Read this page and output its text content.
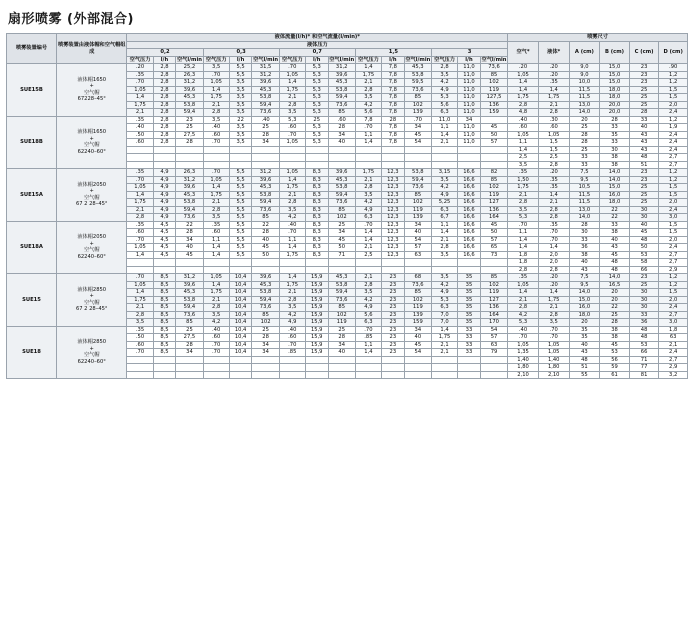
扇形喷雾 (外部混合)
喷雾装置编号	喷雾装置由液体帽和空气帽组成	液体流量(l/h)* 和空气流量(l/min)*															喷雾尺寸					
		液体压力															空气*	液体*	A (cm)	B (cm)	C (cm)	D (cm)
		0,2			0,3			0,7			1,5			3								
		空气压力	l/h	空气l/min	空气压力	l/h	空气l/min	空气压力	l/h	空气l/min	空气压力	l/h	空气l/min	空气压力	l/h	空气l/min						
SUE15B	液体帽1650
+
空气帽
67228–45°	.20	2,8	25,2	3,5	5,5	31,5	.70	5,3	31,2	1,4	7,8	45,3	2,8	11,0	73,6	.20	.20	9,0	15,0	23	.90
		.35	2,8	26,3	.70	5,5	31,2	1,05	5,3	39,6	1,75	7,8	53,8	3,5	11,0	85	1,05	.20	9,0	15,0	23	1,2
		.70	2,8	31,2	1,05	3,5	39,6	1,4	5,3	45,3	2,1	7,8	59,5	4,2	11,0	102	1,4	.35	10,0	15,0	23	1,2
		1,05	2,8	39,6	1,4	3,5	45,3	1,75	5,3	53,8	2,8	7,8	73,6	4,9	11,0	119	1,4	1,4	11,5	18,0	25	1,5
		1,4	2,8	45,3	1,75	3,5	53,8	2,1	5,3	59,4	3,5	7,8	85	5,3	11,0	127,5	1,75	1,75	11,5	18,0	25	1,5
		1,75	2,8	53,8	2,1	3,5	59,4	2,8	5,3	73,6	4,2	7,8	102	5,6	11,0	136	2,8	2,1	13,0	20,0	25	2,0
		2,1	2,8	59,4	2,8	3,5	73,6	3,5	5,3	85	5,6	7,8	139	6,3	11,0	159	4,8	2,8	14,0	20,0	28	2,4
SUE18B	液体帽1650
+
空气帽
62240–60°	.35	2,8	23	3,5	22	.40	5,3	25	.60	7,8	28	.70	11,0	34		.40	.30	20	28	33	1,2
		.40	2,8	25	.40	3,5	25	.60	5,3	28	.70	7,8	34	1,1	11,0	45	.60	.60	25	33	40	1,9
		.50	2,8	27,5	.60	3,5	28	.70	5,3	34	1,1	7,8	45	1,4	11,0	50	1,05	1,05	28	35	43	2,4
		.60	2,8	28	.70	3,5	34	1,05	5,3	40	1,4	7,8	54	2,1	11,0	57	1,1	1,5	28	33	43	2,4
																	1,4	1,5	25	30	43	2,4
																	2,5	2,5	33	38	48	2,7
																	3,5	2,8	33	38	51	2,7
SUE15A	液体帽2050
+
空气帽
67 2 28–45°	.35	4,9	26,3	.70	5,5	31,2	1,05	8,3	39,6	1,75	12,3	53,8	3,15	16,6	82	.35	.20	7,5	14,0	23	1,2
		.70	4,9	31,2	1,05	5,5	39,6	1,4	8,3	45,3	2,1	12,3	59,4	3,5	16,6	85	1,50	.35	9,5	14,0	23	1,2
		1,05	4,9	39,6	1,4	5,5	45,3	1,75	8,3	53,8	2,8	12,3	73,6	4,2	16,6	102	1,75	.35	10,5	15,0	25	1,5
		1,4	4,9	45,3	1,75	5,5	53,8	2,1	8,3	59,4	3,5	12,3	85	4,9	16,6	119	2,1	1,4	11,5	16,0	25	1,5
		1,75	4,9	53,8	2,1	5,5	59,4	2,8	8,3	73,6	4,2	12,3	102	5,25	16,6	127	2,8	2,1	11,5	18,0	25	2,0
		2,1	4,9	59,4	2,8	5,5	73,6	3,5	8,3	85	4,9	12,3	119	6,3	16,6	136	3,5	2,8	13,0	22	30	2,4
		2,8	4,9	73,6	3,5	5,5	85	4,2	8,3	102	6,3	12,3	139	6,7	16,6	164	5,3	2,8	14,0	22	30	3,0
SUE18A	液体帽2050
+
空气帽
62240–60°	.35	4,5	22	.35	5,5	22	.40	8,3	25	.70	12,3	34	1,1	16,6	45	.70	.35	28	33	40	1,5
		.60	4,5	28	.60	5,5	28	.70	8,3	34	1,4	12,3	40	1,4	16,6	50	1,1	.70	30	38	45	1,5
		.70	4,5	34	1,1	5,5	40	1,1	8,3	45	1,4	12,3	54	2,1	16,6	57	1,4	.70	33	40	48	2,0
		1,05	4,5	40	1,4	5,5	45	1,4	8,3	50	2,1	12,3	57	2,8	16,6	65	1,4	1,4	36	43	50	2,4
		1,4	4,5	45	1,4	5,5	50	1,75	8,3	71	2,5	12,3	63	3,5	16,6	73	1,8	2,0	38	45	53	2,7
																	1,8	2,0	40	48	58	2,7
																	2,8	2,8	43	48	66	2,9
SUE15	液体帽2850
+
空气帽
67 2 28–45°	.70	8,5	31,2	1,05	10,4	39,6	1,4	15,9	45,3	2,1	23	68	3,5	35	85	.35	.20	7,5	14,0	23	1,2
		1,05	8,5	39,6	1,4	10,4	45,3	1,75	15,9	53,8	2,8	23	73,6	4,2	35	102	1,05	.20	9,5	16,5	25	1,2
		1,4	8,5	45,3	1,75	10,4	53,8	2,1	15,9	59,4	3,5	23	85	4,9	35	119	1,4	1,4	14,0	20	30	1,5
		1,75	8,5	53,8	2,1	10,4	59,4	2,8	15,9	73,6	4,2	23	102	5,3	35	127	2,1	1,75	15,0	20	30	2,0
		2,1	8,5	59,4	2,8	10,4	73,6	3,5	15,9	85	4,9	23	119	6,3	35	136	2,8	2,1	16,0	22	30	2,4
		2,8	8,5	73,6	3,5	10,4	85	4,2	15,9	102	5,6	23	139	7,0	35	164	4,2	2,8	18,0	25	33	2,7
		3,5	8,5	85	4,2	10,4	102	4,9	15,9	119	6,3	23	159	7,0	35	170	5,3	3,5	20	28	36	3,0
SUE18	液体帽2850
+
空气帽
62240–60°	.35	8,5	25	.40	10,4	25	.40	15,9	25	.70	23	34	1,4	33	54	.40	.70	35	38	48	1,8
		.50	8,5	27,5	.60	10,4	28	.60	15,9	28	.85	23	40	1,75	33	57	.70	.70	35	38	48	63
		.60	8,5	28	.70	10,4	34	.70	15,9	34	1,1	23	45	2,1	33	63	1,05	1,05	40	45	53	2,1
		.70	8,5	34	.70	10,4	34	.85	15,9	40	1,4	23	54	2,1	33	79	1,35	1,05	43	53	66	2,4
																	1,40	1,40	48	56	71	2,7
																	1,80	1,80	51	59	77	2,9
																	2,10	2,10	55	61	81	3,2
